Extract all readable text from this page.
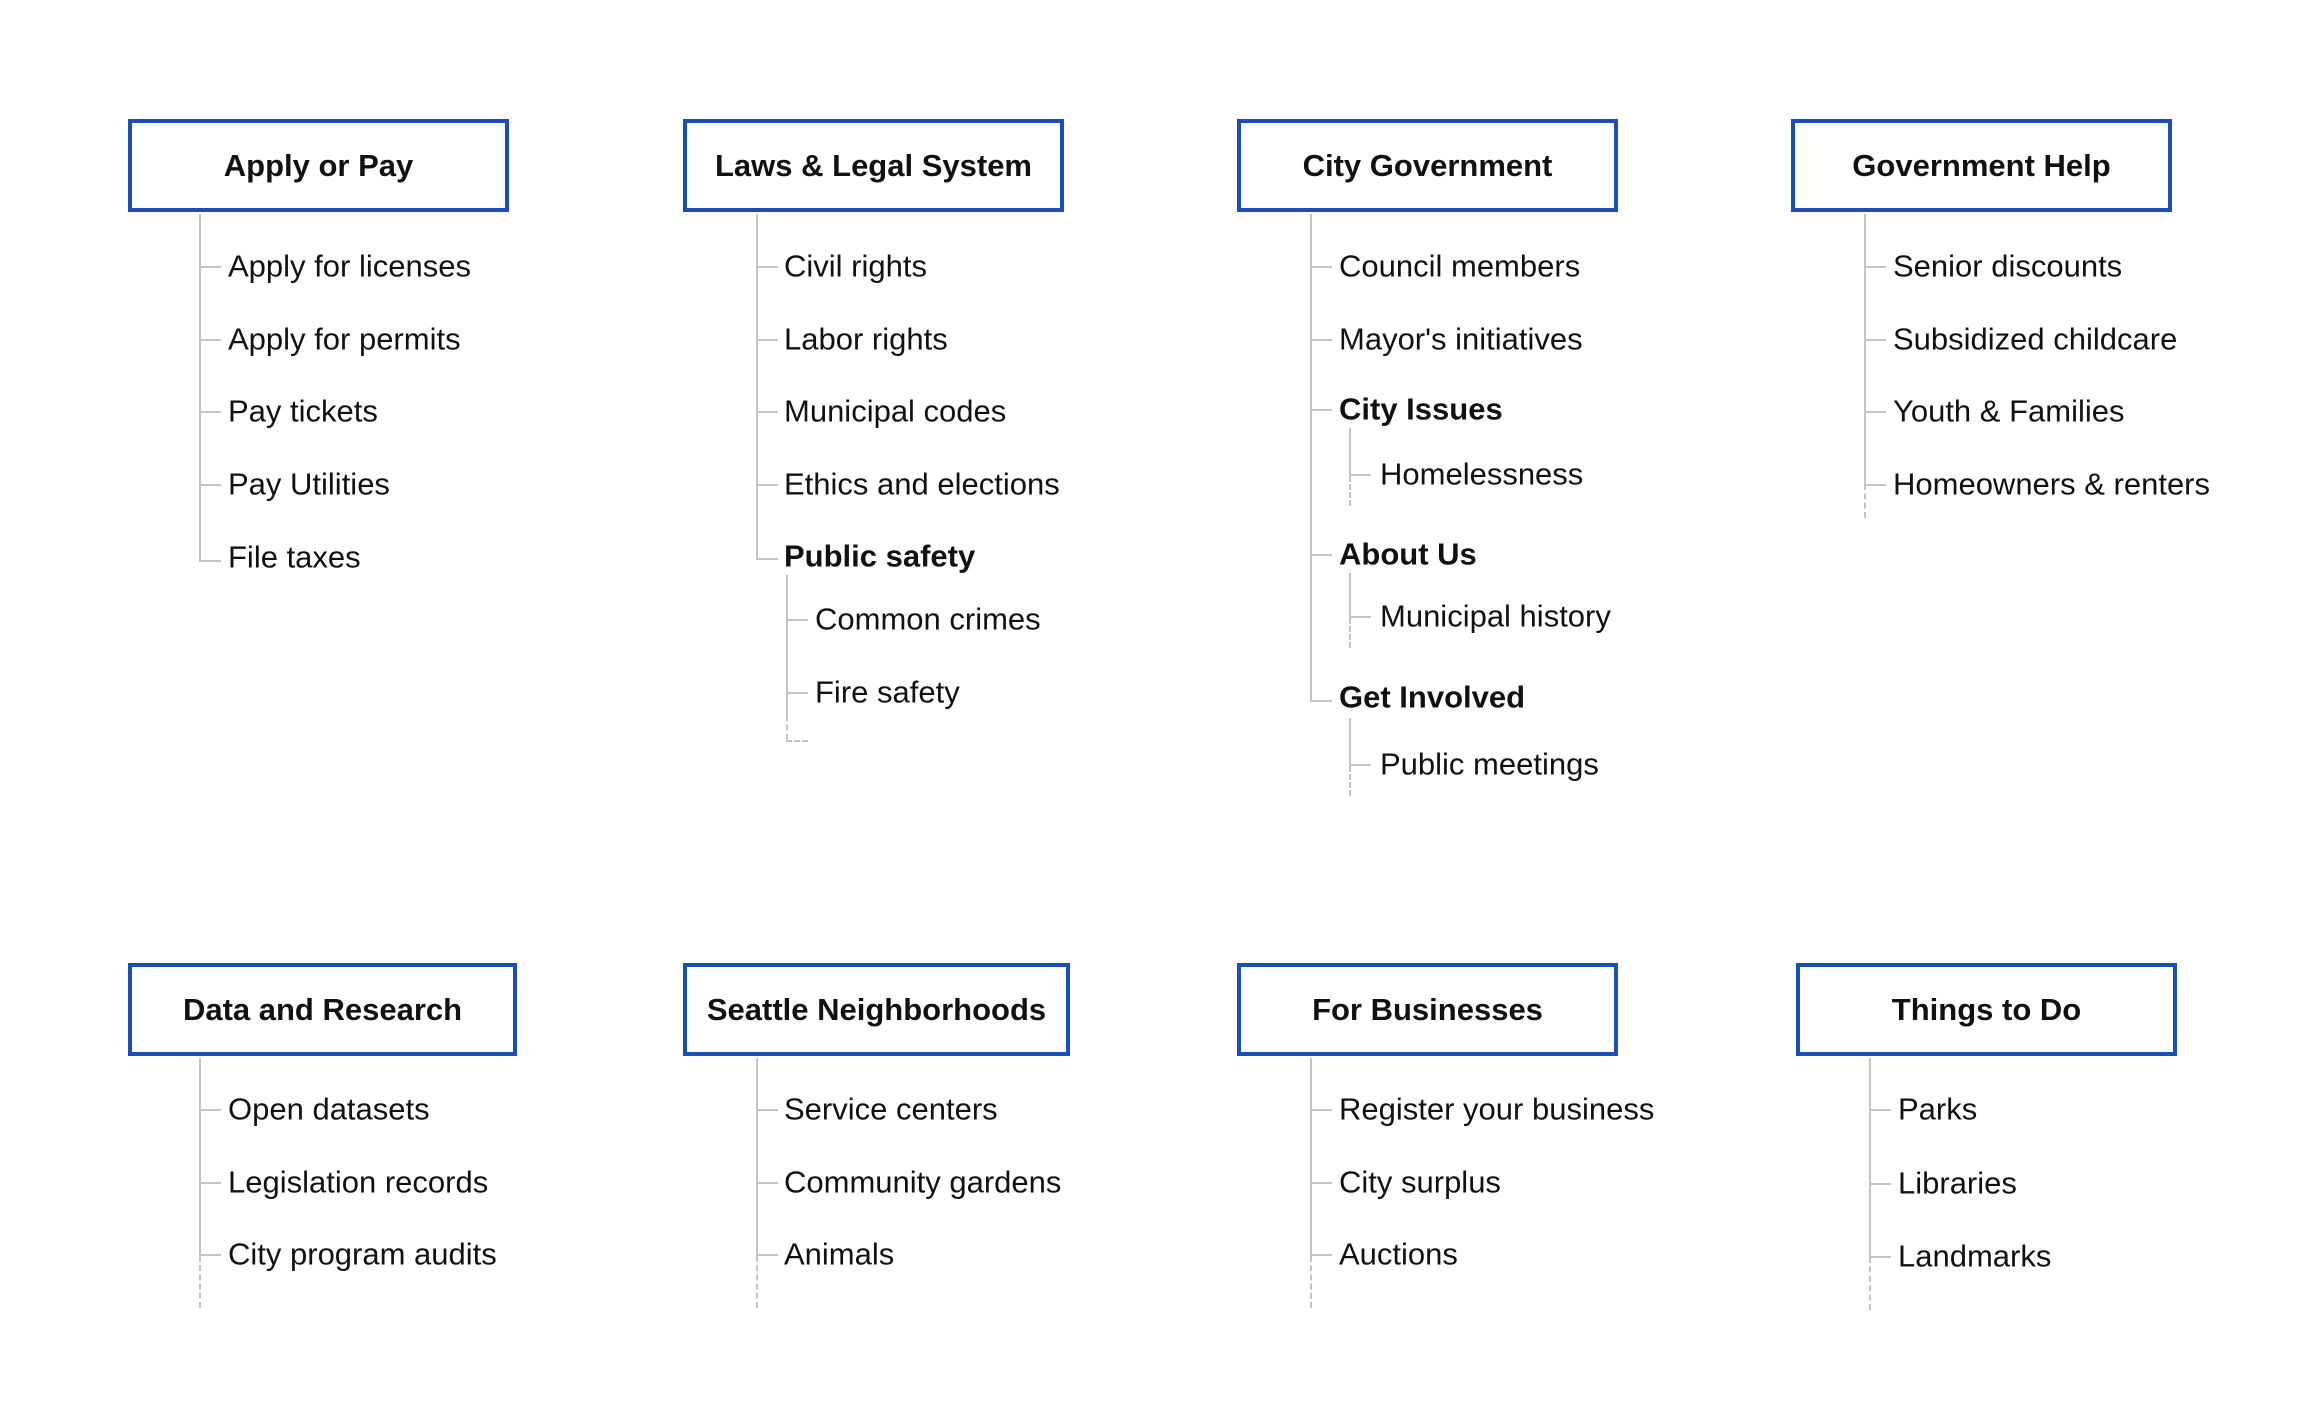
Apply or Pay
Apply for licenses
Apply for permits
Pay tickets
Pay Utilities
File taxes
Laws & Legal System
Civil rights
Labor rights
Municipal codes
Ethics and elections
Public safety
Common crimes
Fire safety
City Government
Council members
Mayor's initiatives
City Issues
Homelessness
About Us
Municipal history
Get Involved
Public meetings
Government Help
Senior discounts
Subsidized childcare
Youth & Families
Homeowners & renters
Data and Research
Open datasets
Legislation records
City program audits
Seattle Neighborhoods
Service centers
Community gardens
Animals
For Businesses
Register your business
City surplus
Auctions
Things to Do
Parks
Libraries
Landmarks
